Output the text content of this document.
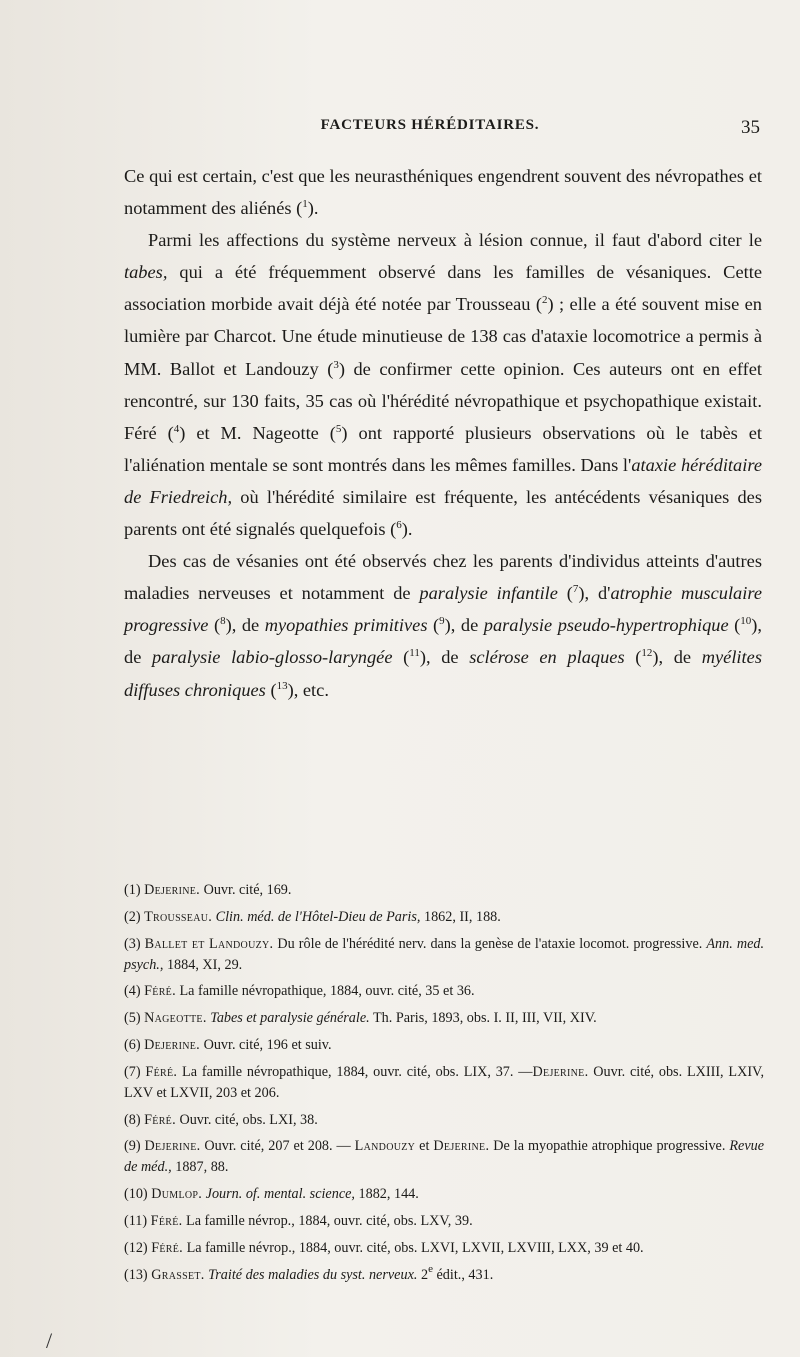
FACTEURS HÉRÉDITAIRES.	35

Ce qui est certain, c'est que les neurasthéniques engendrent souvent des névropathes et notamment des aliénés ($^1$).

Parmi les affections du système nerveux à lésion connue, il faut d'abord citer le tabes, qui a été fréquemment observé dans les familles de vésaniques. Cette association morbide avait déjà été notée par Trousseau ($^2$) ; elle a été souvent mise en lumière par Charcot. Une étude minutieuse de 138 cas d'ataxie locomotrice a permis à MM. Ballot et Landouzy ($^3$) de confirmer cette opinion. Ces auteurs ont en effet rencontré, sur 130 faits, 35 cas où l'hérédité névropathique et psychopathique existait. Féré ($^4$) et M. Nageotte ($^5$) ont rapporté plusieurs observations où le tabès et l'aliénation mentale se sont montrés dans les mêmes familles. Dans l'ataxie héréditaire de Friedreich, où l'hérédité similaire est fréquente, les antécédents vésaniques des parents ont été signalés quelquefois ($^6$).

Des cas de vésanies ont été observés chez les parents d'individus atteints d'autres maladies nerveuses et notamment de paralysie infantile ($^7$), d'atrophie musculaire progressive ($^8$), de myopathies primitives ($^9$), de paralysie pseudo-hypertrophique ($^{10}$), de paralysie labio-glosso-laryngée ($^{11}$), de sclérose en plaques ($^{12}$), de myélites diffuses chroniques ($^{13}$), etc.

(1) Dejerine. Ouvr. cité, 169.

(2) Trousseau. Clin. méd. de l'Hôtel-Dieu de Paris, 1862, II, 188.

(3) Ballet et Landouzy. Du rôle de l'hérédité nerv. dans la genèse de l'ataxie locomot. progressive. Ann. med. psych., 1884, XI, 29.

(4) Féré. La famille névropathique, 1884, ouvr. cité, 35 et 36.

(5) Nageotte. Tabes et paralysie générale. Th. Paris, 1893, obs. I. II, III, VII, XIV.

(6) Dejerine. Ouvr. cité, 196 et suiv.

(7) Féré. La famille névropathique, 1884, ouvr. cité, obs. LIX, 37. —Dejerine. Ouvr. cité, obs. LXIII, LXIV, LXV et LXVII, 203 et 206.

(8) Féré. Ouvr. cité, obs. LXI, 38.

(9) Dejerine. Ouvr. cité, 207 et 208. — Landouzy et Dejerine. De la myopathie atrophique progressive. Revue de méd., 1887, 88.

(10) Dumlop. Journ. of. mental. science, 1882, 144.

(11) Féré. La famille névrop., 1884, ouvr. cité, obs. LXV, 39.

(12) Féré. La famille névrop., 1884, ouvr. cité, obs. LXVI, LXVII, LXVIII, LXX, 39 et 40.

(13) Grasset. Traité des maladies du syst. nerveux. 2e édit., 431.

/
